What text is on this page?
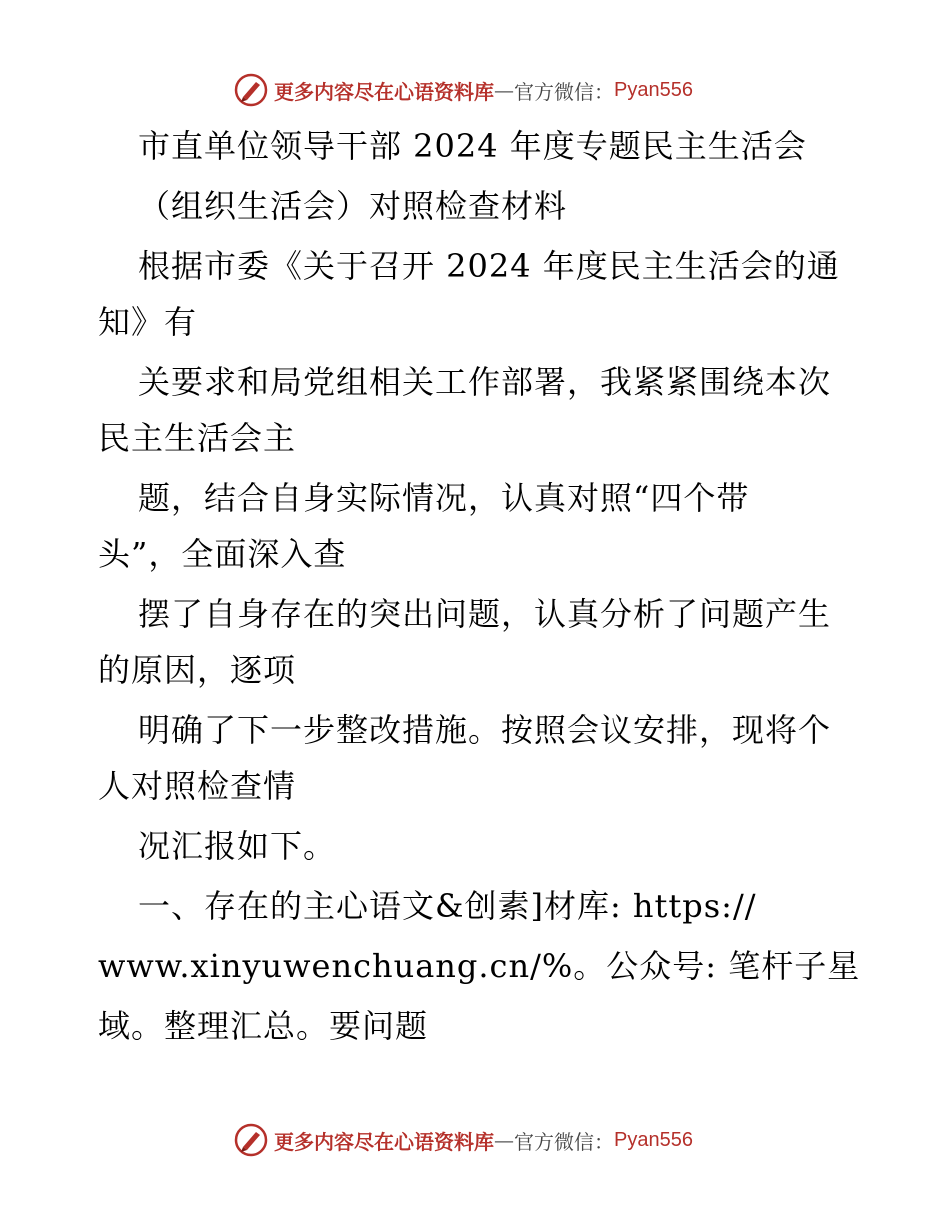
更多内容尽在心语资料库 — 官方微信： Pyan556
市直单位领导干部 2024 年度专题民主生活会
（组织生活会）对照检查材料
根据市委《关于召开 2024 年度民主生活会的通
知》有
关要求和局党组相关工作部署，我紧紧围绕本次
民主生活会主
题，结合自身实际情况，认真对照“四个带
头”，全面深入查
摆了自身存在的突出问题，认真分析了问题产生
的原因，逐项
明确了下一步整改措施。按照会议安排，现将个
人对照检查情
况汇报如下。
一、存在的主心语文&创素]材库: https://
www.xinyuwenchuang.cn/%。公众号: 笔杆子星
域。整理汇总。要问题
更多内容尽在心语资料库 — 官方微信： Pyan556
